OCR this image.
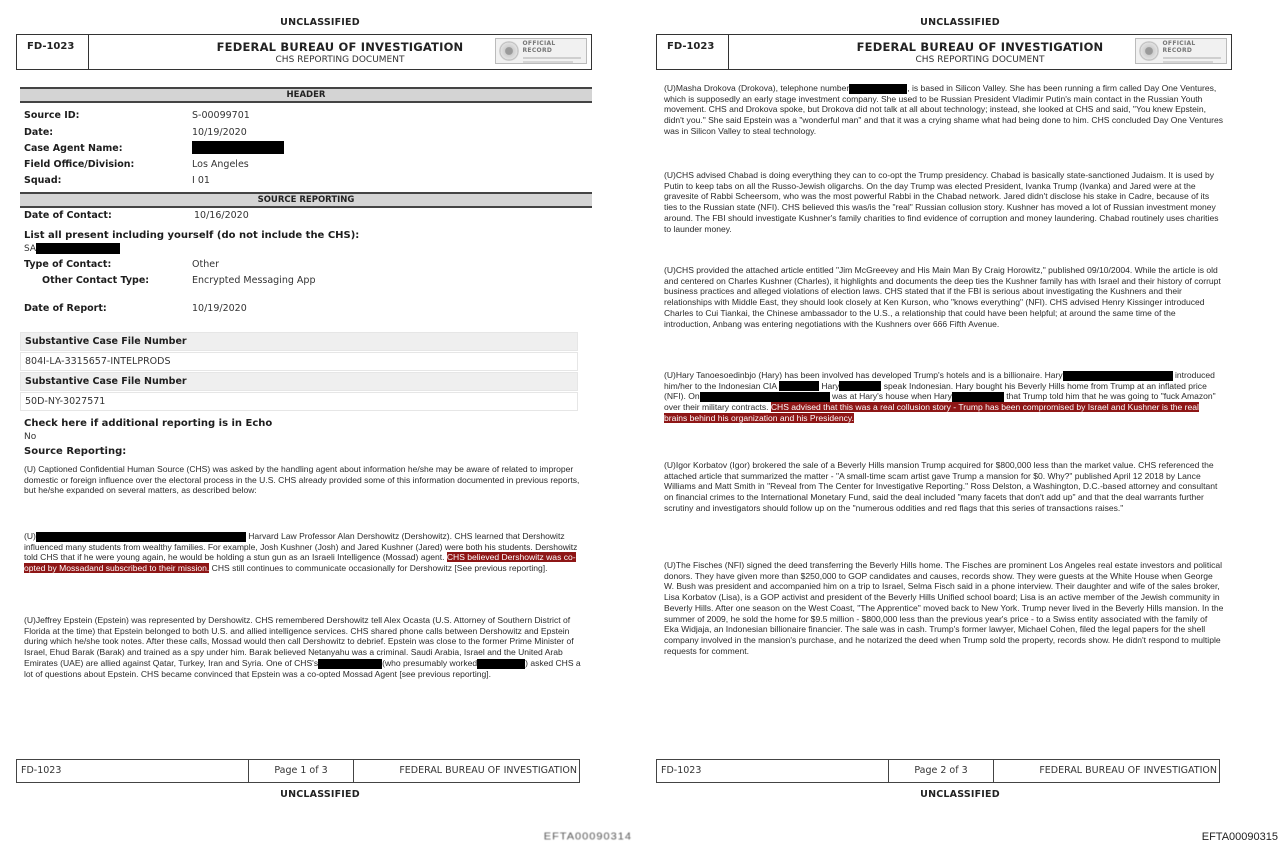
UNCLASSIFIED
FD-1023	FEDERAL BUREAU OF INVESTIGATION
CHS REPORTING DOCUMENT
OFFICIAL RECORD
HEADER
Source ID:	S-00099701
Date:	10/19/2020
Case Agent Name:
Field Office/Division:	Los Angeles
Squad:	I 01
SOURCE REPORTING
Date of Contact:	10/16/2020
List all present including yourself (do not include the CHS):
SA
Type of Contact:	Other
Other Contact Type:	Encrypted Messaging App
Date of Report:	10/19/2020
Substantive Case File Number
804I-LA-3315657-INTELPRODS
Substantive Case File Number
50D-NY-3027571
Check here if additional reporting is in Echo
No
Source Reporting:
(U) Captioned Confidential Human Source (CHS) was asked by the handling agent about information he/she may be aware of related to improper domestic or foreign influence over the electoral process in the U.S. CHS already provided some of this information documented in previous reports, but he/she expanded on several matters, as described below:
(U)	Harvard Law Professor Alan Dershowitz (Dershowitz). CHS learned that Dershowitz influenced many students from wealthy families. For example, Josh Kushner (Josh) and Jared Kushner (Jared) were both his students. Dershowitz told CHS that if he were young again, he would be holding a stun gun as an Israeli Intelligence (Mossad) agent. CHS believed Dershowitz was co-opted by Mossadand subscribed to their mission. CHS still continues to communicate occasionally for Dershowitz [See previous reporting].
(U)Jeffrey Epstein (Epstein) was represented by Dershowitz. CHS remembered Dershowitz tell Alex Ocasta (U.S. Attorney of Southern District of Florida at the time) that Epstein belonged to both U.S. and allied intelligence services. CHS shared phone calls between Dershowitz and Epstein during which he/she took notes. After these calls, Mossad would then call Dershowitz to debrief. Epstein was close to the former Prime Minister of Israel, Ehud Barak (Barak) and trained as a spy under him. Barak believed Netanyahu was a criminal. Saudi Arabia, Israel and the United Arab Emirates (UAE) are allied against Qatar, Turkey, Iran and Syria. One of CHS's	(who presumably worked	) asked CHS a lot of questions about Epstein. CHS became convinced that Epstein was a co-opted Mossad Agent [see previous reporting].
FD-1023	Page 1 of 3	FEDERAL BUREAU OF INVESTIGATION
UNCLASSIFIED
EFTA00090314
UNCLASSIFIED
FD-1023	FEDERAL BUREAU OF INVESTIGATION
CHS REPORTING DOCUMENT
OFFICIAL RECORD
(U)Masha Drokova (Drokova), telephone number	, is based in Silicon Valley. She has been running a firm called Day One Ventures, which is supposedly an early stage investment company. She used to be Russian President Vladimir Putin's main contact in the Russian Youth movement. CHS and Drokova spoke, but Drokova did not talk at all about technology; instead, she looked at CHS and said, "You knew Epstein, didn't you." She said Epstein was a "wonderful man" and that it was a crying shame what had being done to him. CHS concluded Day One Ventures was in Silicon Valley to steal technology.
(U)CHS advised Chabad is doing everything they can to co-opt the Trump presidency. Chabad is basically state-sanctioned Judaism. It is used by Putin to keep tabs on all the Russo-Jewish oligarchs. On the day Trump was elected President, Ivanka Trump (Ivanka) and Jared were at the gravesite of Rabbi Scheersom, who was the most powerful Rabbi in the Chabad network. Jared didn't disclose his stake in Cadre, because of its ties to the Russian state (NFI). CHS believed this was/is the "real" Russian collusion story. Kushner has moved a lot of Russian investment money around. The FBI should investigate Kushner's family charities to find evidence of corruption and money laundering. Chabad routinely uses charities to launder money.
(U)CHS provided the attached article entitled "Jim McGreevey and His Main Man By Craig Horowitz," published 09/10/2004. While the article is old and centered on Charles Kushner (Charles), it highlights and documents the deep ties the Kushner family has with Israel and their history of corrupt business practices and alleged violations of election laws. CHS stated that if the FBI is serious about investigating the Kushners and their relationships with Middle East, they should look closely at Ken Kurson, who "knows everything" (NFI). CHS advised Henry Kissinger introduced Charles to Cui Tiankai, the Chinese ambassador to the U.S., a relationship that could have been helpful; at around the same time of the introduction, Anbang was entering negotiations with the Kushners over 666 Fifth Avenue.
(U)Hary Tanoesoedinbjo (Hary) has been involved has developed Trump's hotels and is a billionaire. Hary	introduced him/her to the Indonesian CIA	Hary	speak Indonesian. Hary bought his Beverly Hills home from Trump at an inflated price (NFI). On	was at Hary's house when Hary	that Trump told him that he was going to "fuck Amazon" over their military contracts. CHS advised that this was a real collusion story - Trump has been compromised by Israel and Kushner is the real brains behind his organization and his Presidency.
(U)Igor Korbatov (Igor) brokered the sale of a Beverly Hills mansion Trump acquired for $800,000 less than the market value. CHS referenced the attached article that summarized the matter - "A small-time scam artist gave Trump a mansion for $0. Why?" published April 12 2018 by Lance Williams and Matt Smith in "Reveal from The Center for Investigative Reporting." Ross Delston, a Washington, D.C.-based attorney and consultant on financial crimes to the International Monetary Fund, said the deal included "many facets that don't add up" and that the deal warrants further scrutiny and investigators should follow up on the "numerous oddities and red flags that this series of transactions raises."
(U)The Fisches (NFI) signed the deed transferring the Beverly Hills home. The Fisches are prominent Los Angeles real estate investors and political donors. They have given more than $250,000 to GOP candidates and causes, records show. They were guests at the White House when George W. Bush was president and accompanied him on a trip to Israel, Selma Fisch said in a phone interview. Their daughter and wife of the sales broker, Lisa Korbatov (Lisa), is a GOP activist and president of the Beverly Hills Unified school board; Lisa is an active member of the Jewish community in Beverly Hills. After one season on the West Coast, "The Apprentice" moved back to New York. Trump never lived in the Beverly Hills mansion. In the summer of 2009, he sold the home for $9.5 million - $800,000 less than the previous year's price - to a Swiss entity associated with the family of Eka Widjaja, an Indonesian billionaire financier. The sale was in cash. Trump's former lawyer, Michael Cohen, filed the legal papers for the shell company involved in the mansion's purchase, and he notarized the deed when Trump sold the property, records show. He didn't respond to multiple requests for comment.
FD-1023	Page 2 of 3	FEDERAL BUREAU OF INVESTIGATION
UNCLASSIFIED
EFTA00090315
